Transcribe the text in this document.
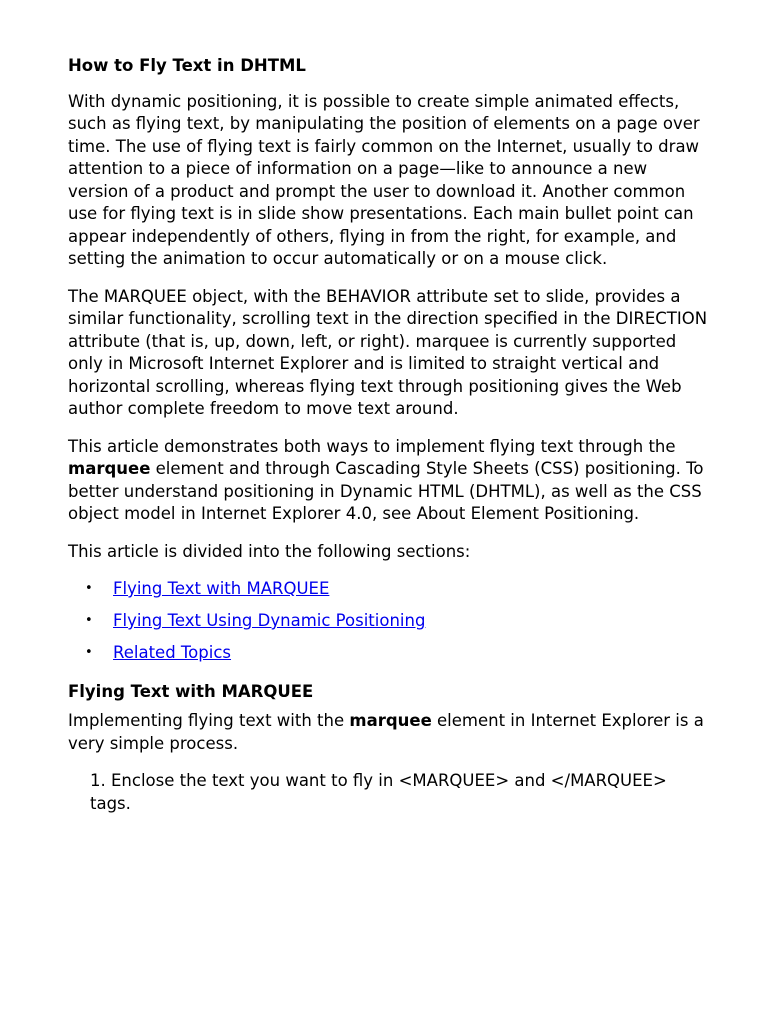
How to Fly Text in DHTML

With dynamic positioning, it is possible to create simple animated effects, such as flying text, by manipulating the position of elements on a page over time. The use of flying text is fairly common on the Internet, usually to draw attention to a piece of information on a page—like to announce a new version of a product and prompt the user to download it. Another common use for flying text is in slide show presentations. Each main bullet point can appear independently of others, flying in from the right, for example, and setting the animation to occur automatically or on a mouse click.

The MARQUEE object, with the BEHAVIOR attribute set to slide, provides a similar functionality, scrolling text in the direction specified in the DIRECTION attribute (that is, up, down, left, or right). marquee is currently supported only in Microsoft Internet Explorer and is limited to straight vertical and horizontal scrolling, whereas flying text through positioning gives the Web author complete freedom to move text around.

This article demonstrates both ways to implement flying text through the marquee element and through Cascading Style Sheets (CSS) positioning. To better understand positioning in Dynamic HTML (DHTML), as well as the CSS object model in Internet Explorer 4.0, see About Element Positioning.

This article is divided into the following sections:

• Flying Text with MARQUEE
• Flying Text Using Dynamic Positioning
• Related Topics
Flying Text with MARQUEE

Implementing flying text with the marquee element in Internet Explorer is a very simple process.

1. Enclose the text you want to fly in <MARQUEE> and </MARQUEE> tags.
